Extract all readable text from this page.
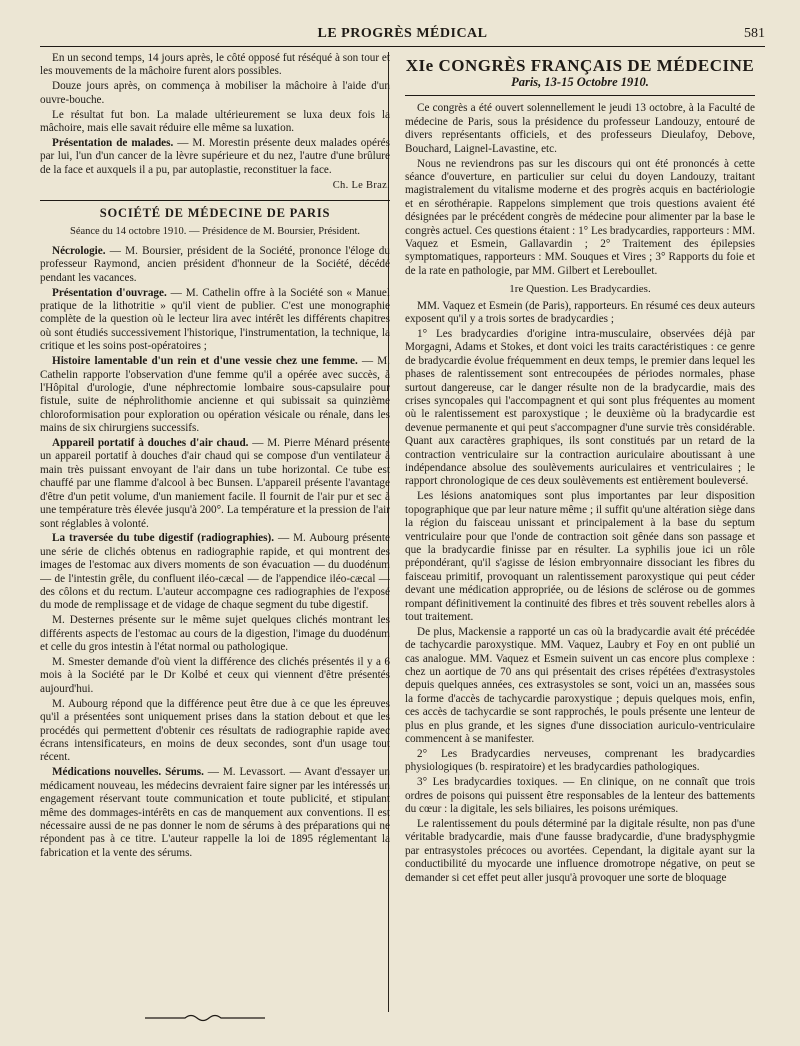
LE PROGRÈS MÉDICAL	581

En un second temps, 14 jours après, le côté opposé fut réséqué à son tour et les mouvements de la mâchoire furent alors possibles.

Douze jours après, on commença à mobiliser la mâchoire à l'aide d'un ouvre-bouche.

Le résultat fut bon. La malade ultérieurement se luxa deux fois la mâchoire, mais elle savait réduire elle même sa luxation.

Présentation de malades. — M. Morestin présente deux malades opérés par lui, l'un d'un cancer de la lèvre supérieure et du nez, l'autre d'une brûlure de la face et auxquels il a pu, par autoplastie, reconstituer la face.

Ch. Le Braz.

SOCIÉTÉ DE MÉDECINE DE PARIS

Séance du 14 octobre 1910. — Présidence de M. Boursier, Président.

Nécrologie. — M. Boursier, président de la Société, prononce l'éloge du professeur Raymond, ancien président d'honneur de la Société, décédé pendant les vacances.

Présentation d'ouvrage. — M. Cathelin offre à la Société son « Manuel pratique de la lithotritie » qu'il vient de publier. C'est une monographie complète de la question où le lecteur lira avec intérêt les différents chapitres où sont étudiés successivement l'historique, l'instrumentation, la technique, la critique et les soins post-opératoires ;

Histoire lamentable d'un rein et d'une vessie chez une femme. — M. Cathelin rapporte l'observation d'une femme qu'il a opérée avec succès, à l'Hôpital d'urologie, d'une néphrectomie lombaire sous-capsulaire pour fistule, suite de néphrolithomie ancienne et qui subissait sa quinzième chloroformisation pour exploration ou opération vésicale ou rénale, dans les mains de six chirurgiens successifs.

Appareil portatif à douches d'air chaud. — M. Pierre Ménard présente un appareil portatif à douches d'air chaud qui se compose d'un ventilateur à main très puissant envoyant de l'air dans un tube horizontal. Ce tube est chauffé par une flamme d'alcool à bec Bunsen. L'appareil présente l'avantage d'être d'un petit volume, d'un maniement facile. Il fournit de l'air pur et sec à une température très élevée jusqu'à 200°. La température et la pression de l'air sont réglables à volonté.

La traversée du tube digestif (radiographies). — M. Aubourg présente une série de clichés obtenus en radiographie rapide, et qui montrent des images de l'estomac aux divers moments de son évacuation — du duodénum — de l'intestin grêle, du confluent iléo-cæcal — de l'appendice iléo-cæcal — des côlons et du rectum. L'auteur accompagne ces radiographies de l'exposé du mode de remplissage et de vidage de chaque segment du tube digestif.

M. Desternes présente sur le même sujet quelques clichés montrant les différents aspects de l'estomac au cours de la digestion, l'image du duodénum et celle du gros intestin à l'état normal ou pathologique.

M. Smester demande d'où vient la différence des clichés présentés il y a 6 mois à la Société par le Dr Kolbé et ceux qui viennent d'être présentés aujourd'hui.

M. Aubourg répond que la différence peut être due à ce que les épreuves qu'il a présentées sont uniquement prises dans la station debout et que les procédés qui permettent d'obtenir ces résultats de radiographie rapide avec écrans intensificateurs, en moins de deux secondes, sont d'un usage tout récent.

Médications nouvelles. Sérums. — M. Levassort. — Avant d'essayer un médicament nouveau, les médecins devraient faire signer par les intéressés un engagement réservant toute communication et toute publicité, et stipulant même des dommages-intérêts en cas de manquement aux conventions. Il est nécessaire aussi de ne pas donner le nom de sérums à des préparations qui ne répondent pas à ce titre. L'auteur rappelle la loi de 1895 réglementant la fabrication et la vente des sérums.

XIe CONGRÈS FRANÇAIS DE MÉDECINE
Paris, 13-15 Octobre 1910.

Ce congrès a été ouvert solennellement le jeudi 13 octobre, à la Faculté de médecine de Paris, sous la présidence du professeur Landouzy, entouré de divers représentants officiels, et des professeurs Dieulafoy, Debove, Bouchard, Laignel-Lavastine, etc.

Nous ne reviendrons pas sur les discours qui ont été prononcés à cette séance d'ouverture, en particulier sur celui du doyen Landouzy, traitant magistralement du vitalisme moderne et des progrès acquis en bactériologie et en sérothérapie. Rappelons simplement que trois questions avaient été désignées par le précédent congrès de médecine pour alimenter par la base le congrès actuel. Ces questions étaient : 1° Les bradycardies, rapporteurs : MM. Vaquez et Esmein, Gallavardin ; 2° Traitement des épilepsies symptomatiques, rapporteurs : MM. Souques et Vires ; 3° Rapports du foie et de la rate en pathologie, par MM. Gilbert et Lereboullet.

1re Question. Les Bradycardies.

MM. Vaquez et Esmein (de Paris), rapporteurs. En résumé ces deux auteurs exposent qu'il y a trois sortes de bradycardies ;

1° Les bradycardies d'origine intra-musculaire, observées déjà par Morgagni, Adams et Stokes, et dont voici les traits caractéristiques : ce genre de bradycardie évolue fréquemment en deux temps, le premier dans lequel les phases de ralentissement sont entrecoupées de périodes normales, phase surtout dangereuse, car le danger résulte non de la bradycardie, mais des crises syncopales qui l'accompagnent et qui sont plus fréquentes au moment où le ralentissement est paroxystique ; le deuxième où la bradycardie est devenue permanente et qui peut s'accompagner d'une survie très considérable. Quant aux caractères graphiques, ils sont constitués par un retard de la contraction ventriculaire sur la contraction auriculaire aboutissant à une indépendance absolue des soulèvements auriculaires et ventriculaires ; le rapport chronologique de ces deux soulèvements est entièrement bouleversé.

Les lésions anatomiques sont plus importantes par leur disposition topographique que par leur nature même ; il suffit qu'une altération siège dans la région du faisceau unissant et principalement à la base du septum ventriculaire pour que l'onde de contraction soit gênée dans son passage et que la bradycardie finisse par en résulter. La syphilis joue ici un rôle prépondérant, qu'il s'agisse de lésion embryonnaire dissociant les fibres du faisceau primitif, provoquant un ralentissement paroxystique qui peut céder devant une médication appropriée, ou de lésions de sclérose ou de gommes rompant définitivement la continuité des fibres et très souvent rebelles alors à tout traitement.

De plus, Mackensie a rapporté un cas où la bradycardie avait été précédée de tachycardie paroxystique. MM. Vaquez, Laubry et Foy en ont publié un cas analogue. MM. Vaquez et Esmein suivent un cas encore plus complexe : chez un aortique de 70 ans qui présentait des crises répétées d'extrasystoles depuis quelques années, ces extrasystoles se sont, voici un an, massées sous la forme d'accès de tachycardie paroxystique ; depuis quelques mois, enfin, ces accès de tachycardie se sont rapprochés, le pouls présente une lenteur de plus en plus grande, et les signes d'une dissociation auriculo-ventriculaire commencent à se manifester.

2° Les Bradycardies nerveuses, comprenant les bradycardies physiologiques (b. respiratoire) et les bradycardies pathologiques.

3° Les bradycardies toxiques. — En clinique, on ne connaît que trois ordres de poisons qui puissent être responsables de la lenteur des battements du cœur : la digitale, les sels biliaires, les poisons urémiques.

Le ralentissement du pouls déterminé par la digitale résulte, non pas d'une véritable bradycardie, mais d'une fausse bradycardie, d'une bradysphygmie par entrasystoles précoces ou avortées. Cependant, la digitale ayant sur la conductibilité du myocarde une influence dromotrope négative, on peut se demander si cet effet peut aller jusqu'à provoquer une sorte de bloquage
